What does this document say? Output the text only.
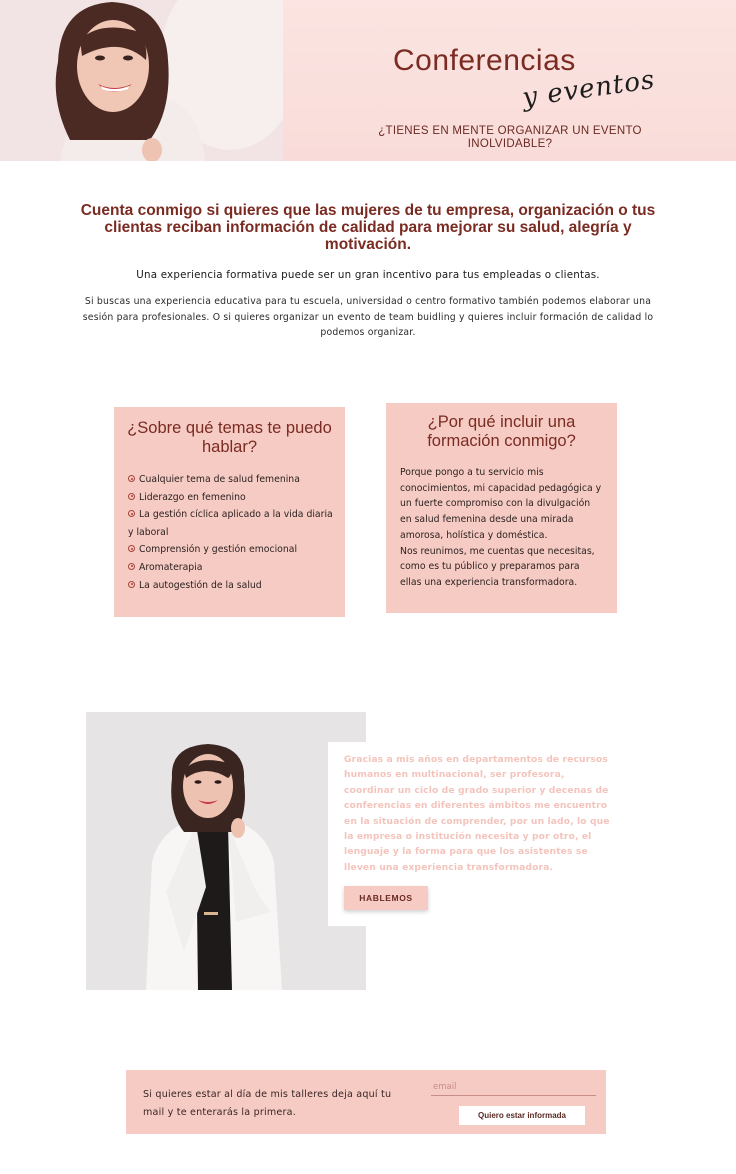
Conferencias
y eventos
¿TIENES EN MENTE ORGANIZAR UN EVENTO INOLVIDABLE?
Cuenta conmigo si quieres que las mujeres de tu empresa, organización o tus clientas reciban información de calidad para mejorar su salud, alegría y motivación.
Una experiencia formativa puede ser un gran incentivo para tus empleadas o clientas.
Si buscas una experiencia educativa para tu escuela, universidad o centro formativo también podemos elaborar una sesión para profesionales. O si quieres organizar un evento de team buidling y quieres incluir formación de calidad lo podemos organizar.
¿Sobre qué temas te puedo hablar?
Cualquier tema de salud femenina
Liderazgo en femenino
La gestión cíclica aplicado a la vida diaria y laboral
Comprensión y gestión emocional
Aromaterapia
La autogestión de la salud
¿Por qué incluir una formación conmigo?
Porque pongo a tu servicio mis conocimientos, mi capacidad pedagógica y un fuerte compromiso con la divulgación en salud femenina desde una mirada amorosa, holística y doméstica.
Nos reunimos, me cuentas que necesitas, como es tu público y preparamos para ellas una experiencia transformadora.
Gracias a mis años en departamentos de recursos humanos en multinacional, ser profesora, coordinar un ciclo de grado superior y decenas de conferencias en diferentes ámbitos me encuentro en la situación de comprender, por un lado, lo que la empresa o institución necesita y por otro, el lenguaje y la forma para que los asistentes se lleven una experiencia transformadora.
HABLEMOS
Si quieres estar al día de mis talleres deja aquí tu mail y te enterarás la primera.
email	Quiero estar informada
